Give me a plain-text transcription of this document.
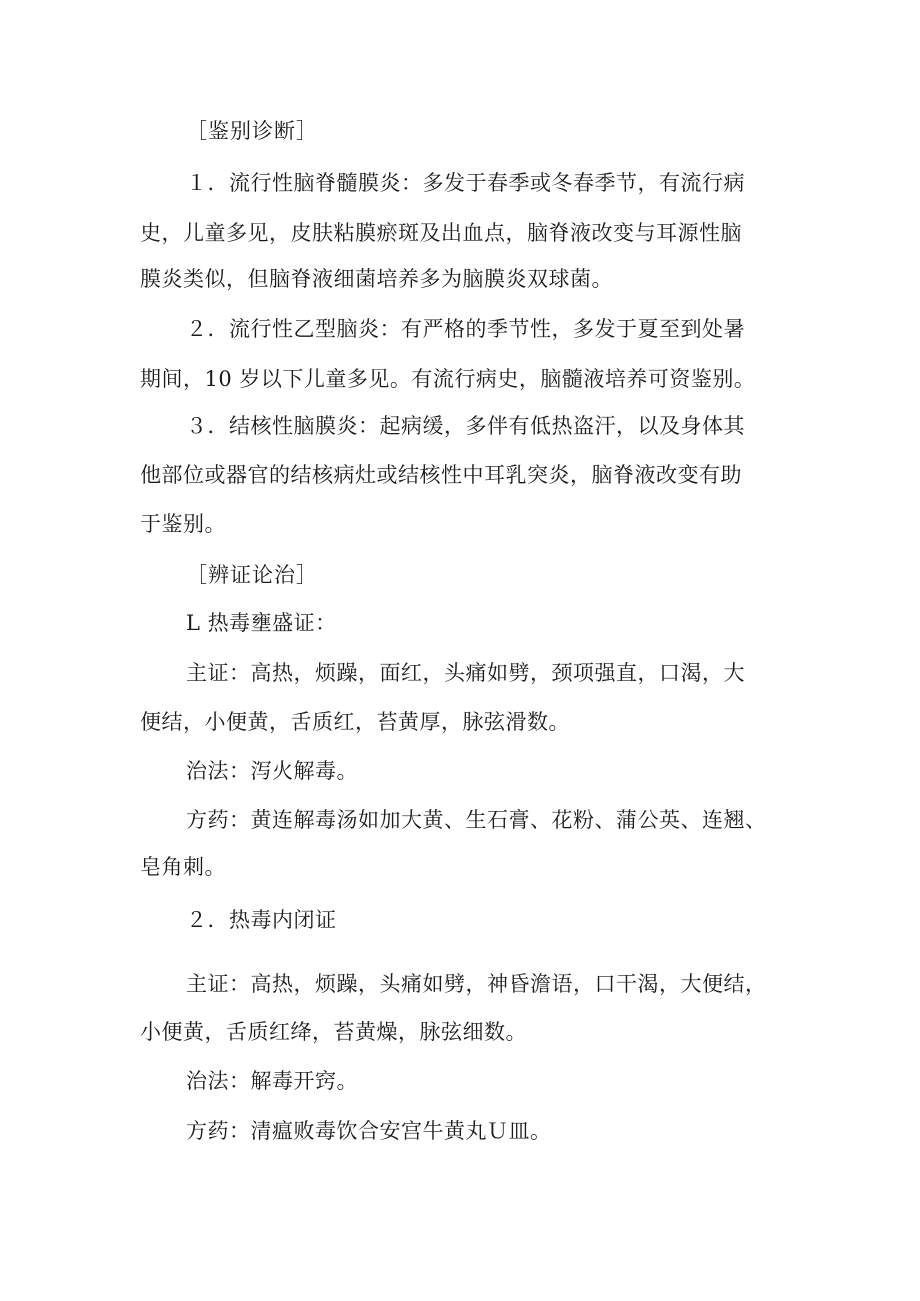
［鉴别诊断］
１．流行性脑脊髓膜炎：多发于春季或冬春季节，有流行病
史，儿童多见，皮肤粘膜瘀斑及出血点，脑脊液改变与耳源性脑
膜炎类似，但脑脊液细菌培养多为脑膜炎双球菌。
２．流行性乙型脑炎：有严格的季节性，多发于夏至到处暑
期间，10 岁以下儿童多见。有流行病史，脑髓液培养可资鉴别。
３．结核性脑膜炎：起病缓，多伴有低热盗汗，以及身体其
他部位或器官的结核病灶或结核性中耳乳突炎，脑脊液改变有助
于鉴别。
［辨证论治］
L 热毒壅盛证：
主证：高热，烦躁，面红，头痛如劈，颈项强直，口渴，大
便结，小便黄，舌质红，苔黄厚，脉弦滑数。
治法：泻火解毒。
方药：黄连解毒汤如加大黄、生石膏、花粉、蒲公英、连翘、
皂角刺。
２．热毒内闭证
主证：高热，烦躁，头痛如劈，神昏澹语，口干渴，大便结，
小便黄，舌质红绛，苔黄燥，脉弦细数。
治法：解毒开窍。
方药：清瘟败毒饮合安宫牛黄丸Ｕ皿。
